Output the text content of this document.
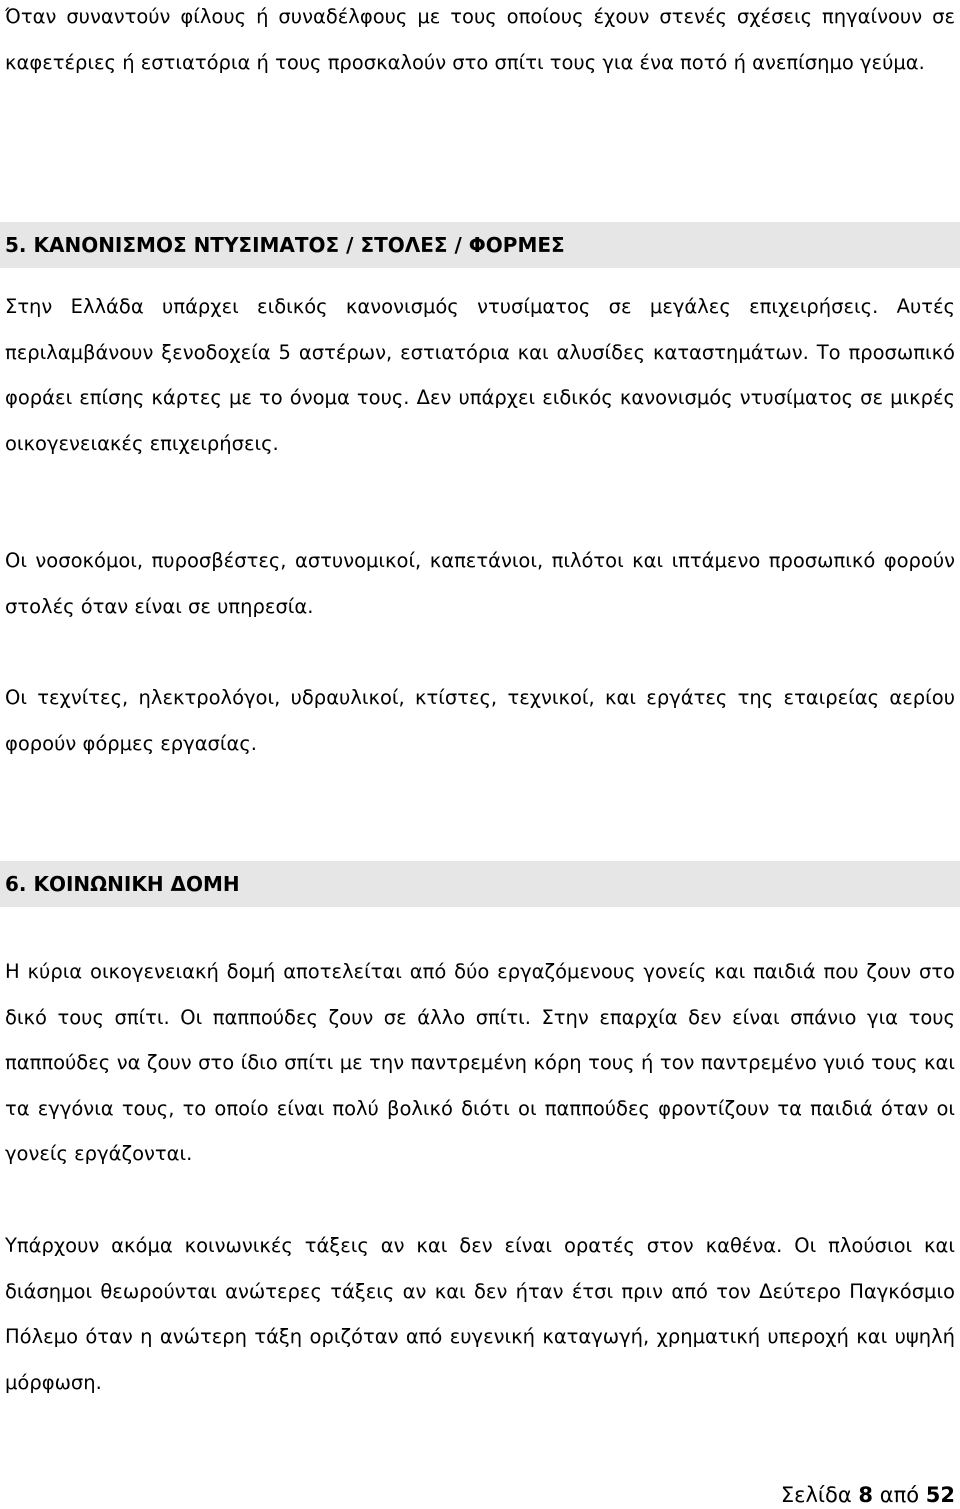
Όταν συναντούν φίλους ή συναδέλφους με τους οποίους έχουν στενές σχέσεις πηγαίνουν σε καφετέριες ή εστιατόρια ή τους προσκαλούν στο σπίτι τους για ένα ποτό ή ανεπίσημο γεύμα.

5. ΚΑΝΟΝΙΣΜΟΣ ΝΤΥΣΙΜΑΤΟΣ / ΣΤΟΛΕΣ / ΦΟΡΜΕΣ

Στην Ελλάδα υπάρχει ειδικός κανονισμός ντυσίματος σε μεγάλες επιχειρήσεις. Αυτές περιλαμβάνουν ξενοδοχεία 5 αστέρων, εστιατόρια και αλυσίδες καταστημάτων. Το προσωπικό φοράει επίσης κάρτες με το όνομα τους. Δεν υπάρχει ειδικός κανονισμός ντυσίματος σε μικρές οικογενειακές επιχειρήσεις.

Οι νοσοκόμοι, πυροσβέστες, αστυνομικοί, καπετάνιοι, πιλότοι και ιπτάμενο προσωπικό φορούν στολές όταν είναι σε υπηρεσία.

Οι τεχνίτες, ηλεκτρολόγοι, υδραυλικοί, κτίστες, τεχνικοί, και εργάτες της εταιρείας αερίου φορούν φόρμες εργασίας.

6. ΚΟΙΝΩΝΙΚΗ ΔΟΜΗ

Η κύρια οικογενειακή δομή αποτελείται από δύο εργαζόμενους γονείς και παιδιά που ζουν στο δικό τους σπίτι. Οι παππούδες ζουν σε άλλο σπίτι. Στην επαρχία δεν είναι σπάνιο για τους παππούδες να ζουν στο ίδιο σπίτι με την παντρεμένη κόρη τους ή τον παντρεμένο γυιό τους και τα εγγόνια τους, το οποίο είναι πολύ βολικό διότι οι παππούδες φροντίζουν τα παιδιά όταν οι γονείς εργάζονται.

Υπάρχουν ακόμα κοινωνικές τάξεις αν και δεν είναι ορατές στον καθένα. Οι πλούσιοι και διάσημοι θεωρούνται ανώτερες τάξεις αν και δεν ήταν έτσι πριν από τον Δεύτερο Παγκόσμιο Πόλεμο όταν η ανώτερη τάξη οριζόταν από ευγενική καταγωγή, χρηματική υπεροχή και υψηλή μόρφωση.

Σελίδα 8 από 52
